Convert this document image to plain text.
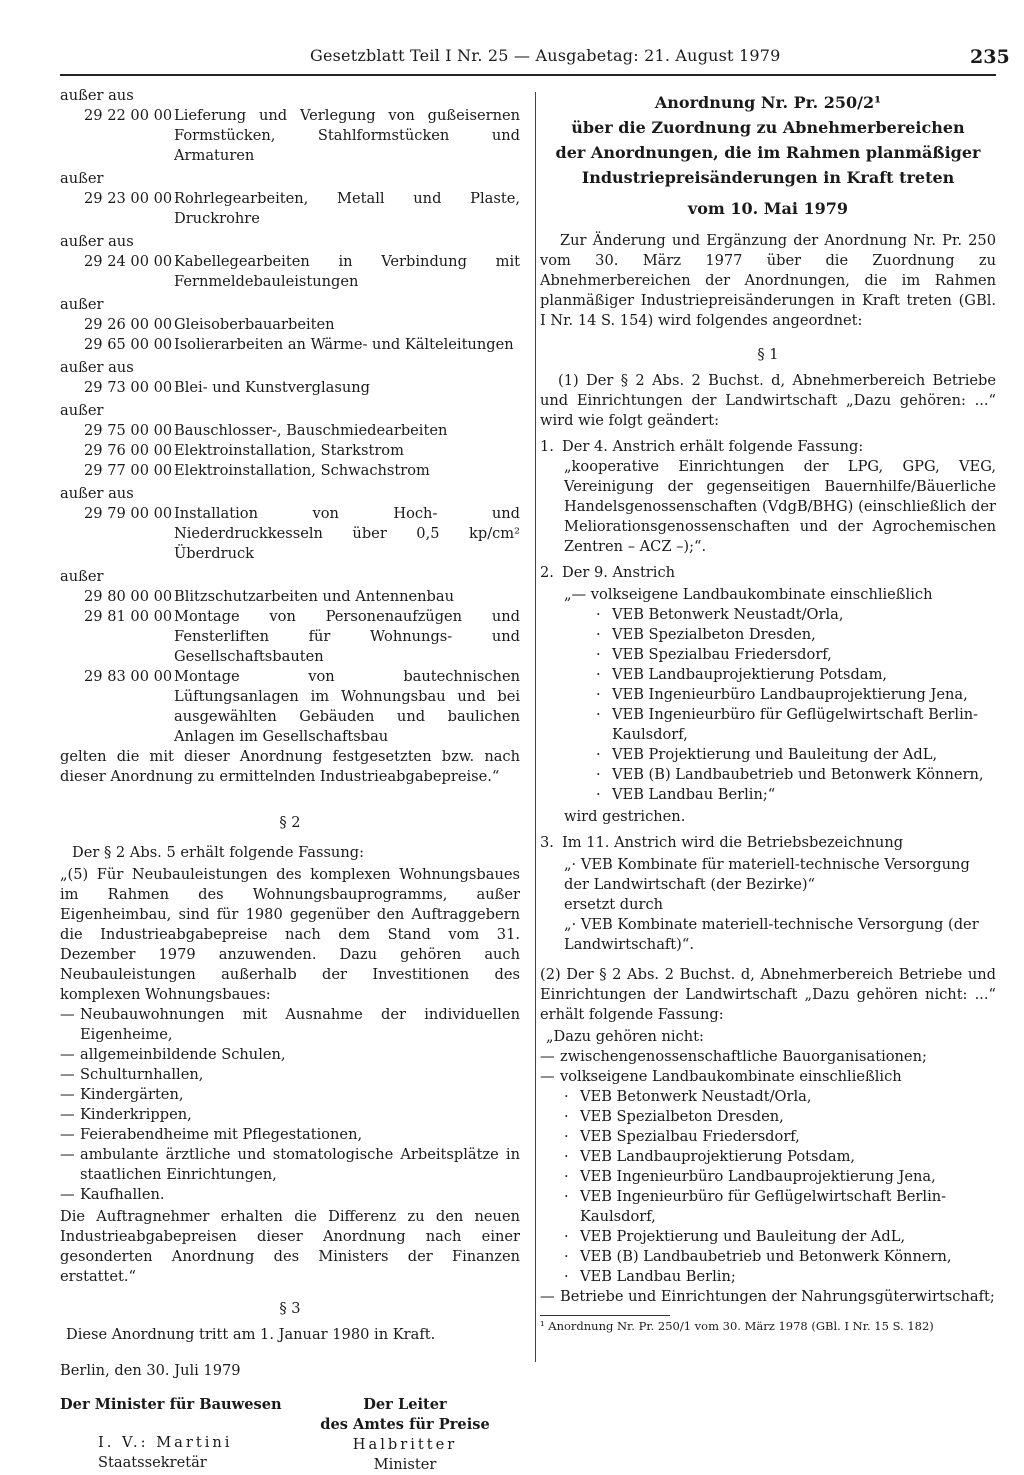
Gesetzblatt Teil I Nr. 25 — Ausgabetag: 21. August 1979	235

außer aus

29 22 00 00 Lieferung und Verlegung von gußeisernen Formstücken, Stahlformstücken und Armaturen

außer

29 23 00 00 Rohrlegearbeiten, Metall und Plaste, Druckrohre

außer aus

29 24 00 00 Kabellegearbeiten in Verbindung mit Fernmeldebauleistungen

außer

29 26 00 00 Gleisoberbauarbeiten
29 65 00 00 Isolierarbeiten an Wärme- und Kälteleitungen

außer aus

29 73 00 00 Blei- und Kunstverglasung

außer

29 75 00 00 Bauschlosser-, Bauschmiedearbeiten
29 76 00 00 Elektroinstallation, Starkstrom
29 77 00 00 Elektroinstallation, Schwachstrom

außer aus

29 79 00 00 Installation von Hoch- und Niederdruckkesseln über 0,5 kp/cm² Überdruck

außer

29 80 00 00 Blitzschutzarbeiten und Antennenbau
29 81 00 00 Montage von Personenaufzügen und Fensterliften für Wohnungs- und Gesellschaftsbauten
29 83 00 00 Montage von bautechnischen Lüftungsanlagen im Wohnungsbau und bei ausgewählten Gebäuden und baulichen Anlagen im Gesellschaftsbau

gelten die mit dieser Anordnung festgesetzten bzw. nach dieser Anordnung zu ermittelnden Industrieabgabepreise.“

§ 2

Der § 2 Abs. 5 erhält folgende Fassung:

„(5) Für Neubauleistungen des komplexen Wohnungsbaues im Rahmen des Wohnungsbauprogramms, außer Eigenheimbau, sind für 1980 gegenüber den Auftraggebern die Industrieabgabepreise nach dem Stand vom 31. Dezember 1979 anzuwenden. Dazu gehören auch Neubauleistungen außerhalb der Investitionen des komplexen Wohnungsbaues:

— Neubauwohnungen mit Ausnahme der individuellen Eigenheime,
— allgemeinbildende Schulen,
— Schulturnhallen,
— Kindergärten,
— Kinderkrippen,
— Feierabendheime mit Pflegestationen,
— ambulante ärztliche und stomatologische Arbeitsplätze in staatlichen Einrichtungen,
— Kaufhallen.

Die Auftragnehmer erhalten die Differenz zu den neuen Industrieabgabepreisen dieser Anordnung nach einer gesonderten Anordnung des Ministers der Finanzen erstattet.“

§ 3

Diese Anordnung tritt am 1. Januar 1980 in Kraft.

Berlin, den 30. Juli 1979

Der Minister für Bauwesen

I. V.: Martini

Staatssekretär

Der Leiter

des Amtes für Preise

Halbritter

Minister

Anordnung Nr. Pr. 250/2¹

über die Zuordnung zu Abnehmerbereichen

der Anordnungen, die im Rahmen planmäßiger

Industriepreisänderungen in Kraft treten

vom 10. Mai 1979

Zur Änderung und Ergänzung der Anordnung Nr. Pr. 250 vom 30. März 1977 über die Zuordnung zu Abnehmerbereichen der Anordnungen, die im Rahmen planmäßiger Industriepreisänderungen in Kraft treten (GBl. I Nr. 14 S. 154) wird folgendes angeordnet:

§ 1

(1) Der § 2 Abs. 2 Buchst. d, Abnehmerbereich Betriebe und Einrichtungen der Landwirtschaft „Dazu gehören: ...“ wird wie folgt geändert:

1. Der 4. Anstrich erhält folgende Fassung:

„kooperative Einrichtungen der LPG, GPG, VEG, Vereinigung der gegenseitigen Bauernhilfe/Bäuerliche Handelsgenossenschaften (VdgB/BHG) (einschließlich der Meliorationsgenossenschaften und der Agrochemischen Zentren – ACZ –);“.

2. Der 9. Anstrich

„— volkseigene Landbaukombinate einschließlich

· VEB Betonwerk Neustadt/Orla,
· VEB Spezialbeton Dresden,
· VEB Spezialbau Friedersdorf,
· VEB Landbauprojektierung Potsdam,
· VEB Ingenieurbüro Landbauprojektierung Jena,
· VEB Ingenieurbüro für Geflügelwirtschaft Berlin-Kaulsdorf,
· VEB Projektierung und Bauleitung der AdL,
· VEB (B) Landbaubetrieb und Betonwerk Könnern,
· VEB Landbau Berlin;“

wird gestrichen.

3. Im 11. Anstrich wird die Betriebsbezeichnung

„· VEB Kombinate für materiell-technische Versorgung der Landwirtschaft (der Bezirke)“

ersetzt durch

„· VEB Kombinate materiell-technische Versorgung (der Landwirtschaft)“.

(2) Der § 2 Abs. 2 Buchst. d, Abnehmerbereich Betriebe und Einrichtungen der Landwirtschaft „Dazu gehören nicht: ...“ erhält folgende Fassung:

„Dazu gehören nicht:

— zwischengenossenschaftliche Bauorganisationen;
— volkseigene Landbaukombinate einschließlich
· VEB Betonwerk Neustadt/Orla,
· VEB Spezialbeton Dresden,
· VEB Spezialbau Friedersdorf,
· VEB Landbauprojektierung Potsdam,
· VEB Ingenieurbüro Landbauprojektierung Jena,
· VEB Ingenieurbüro für Geflügelwirtschaft Berlin-Kaulsdorf,
· VEB Projektierung und Bauleitung der AdL,
· VEB (B) Landbaubetrieb und Betonwerk Könnern,
· VEB Landbau Berlin;
— Betriebe und Einrichtungen der Nahrungsgüterwirtschaft;

¹ Anordnung Nr. Pr. 250/1 vom 30. März 1978 (GBl. I Nr. 15 S. 182)
